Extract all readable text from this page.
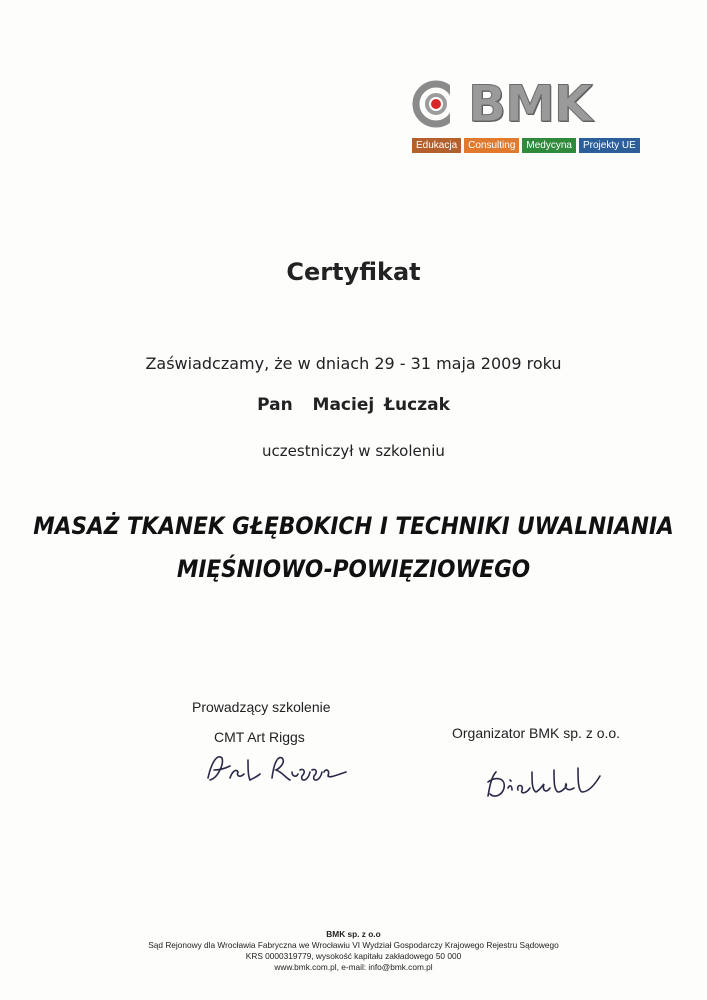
BMK
Edukacja	Consulting	Medycyna	Projekty UE
Certyfikat
Zaświadczamy, że w dniach 29 - 31 maja 2009 roku
Pan  Maciej Łuczak
uczestniczył w szkoleniu
MASAŻ TKANEK GŁĘBOKICH I TECHNIKI UWALNIANIA
MIĘŚNIOWO-POWIĘZIOWEGO
Prowadzący szkolenie
CMT Art Riggs	Organizator BMK sp. z o.o.
BMK sp. z o.o
Sąd Rejonowy dla Wrocławia Fabryczna we Wrocławiu VI Wydział Gospodarczy Krajowego Rejestru Sądowego
KRS 0000319779, wysokość kapitału zakładowego 50 000
www.bmk.com.pl, e-mail: info@bmk.com.pl
